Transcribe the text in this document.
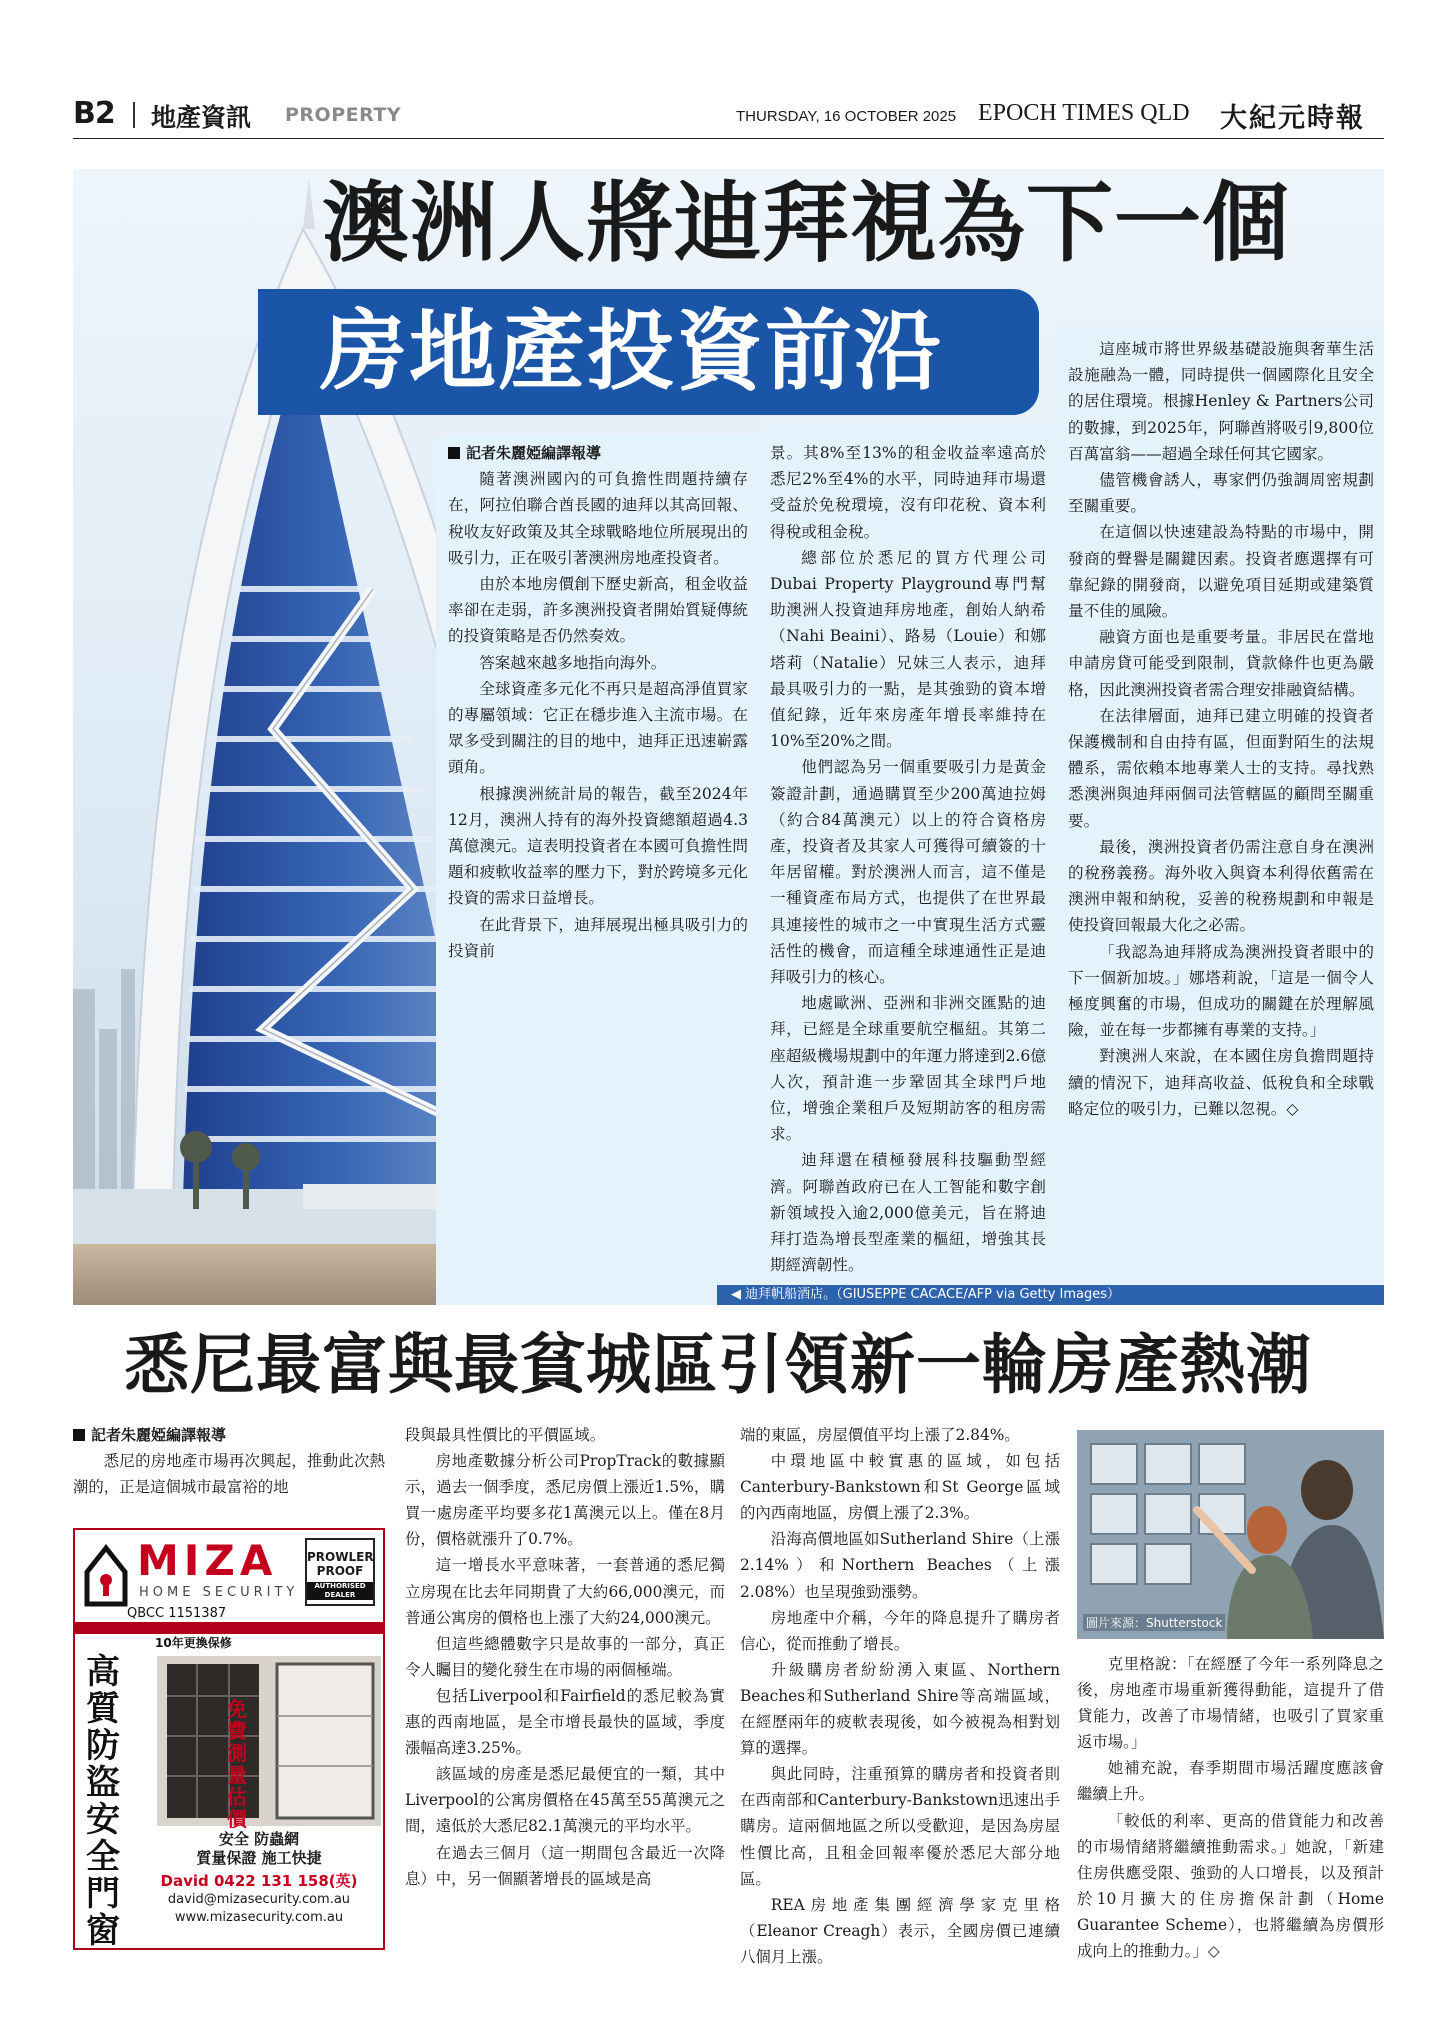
B2 地產資訊 PROPERTY	THURSDAY, 16 OCTOBER 2025 EPOCH TIMES QLD 大紀元時報
澳洲人將迪拜視為下一個
房地產投資前沿

記者朱麗婭編譯報導

隨著澳洲國內的可負擔性問題持續存在，阿拉伯聯合酋長國的迪拜以其高回報、稅收友好政策及其全球戰略地位所展現出的吸引力，正在吸引著澳洲房地產投資者。

由於本地房價創下歷史新高，租金收益率卻在走弱，許多澳洲投資者開始質疑傳統的投資策略是否仍然奏效。

答案越來越多地指向海外。

全球資產多元化不再只是超高淨值買家的專屬領域：它正在穩步進入主流市場。在眾多受到關注的目的地中，迪拜正迅速嶄露頭角。

根據澳洲統計局的報告，截至2024年12月，澳洲人持有的海外投資總額超過4.3萬億澳元。這表明投資者在本國可負擔性問題和疲軟收益率的壓力下，對於跨境多元化投資的需求日益增長。

在此背景下，迪拜展現出極具吸引力的投資前

景。其8%至13%的租金收益率遠高於悉尼2%至4%的水平，同時迪拜市場還受益於免稅環境，沒有印花稅、資本利得稅或租金稅。

總部位於悉尼的買方代理公司Dubai Property Playground專門幫助澳洲人投資迪拜房地產，創始人納希（Nahi Beaini）、路易（Louie）和娜塔莉（Natalie）兄妹三人表示，迪拜最具吸引力的一點，是其強勁的資本增值紀錄，近年來房產年增長率維持在10%至20%之間。

他們認為另一個重要吸引力是黃金簽證計劃，通過購買至少200萬迪拉姆（約合84萬澳元）以上的符合資格房產，投資者及其家人可獲得可續簽的十年居留權。對於澳洲人而言，這不僅是一種資產布局方式，也提供了在世界最具連接性的城市之一中實現生活方式靈活性的機會，而這種全球連通性正是迪拜吸引力的核心。

地處歐洲、亞洲和非洲交匯點的迪拜，已經是全球重要航空樞紐。其第二座超級機場規劃中的年運力將達到2.6億人次，預計進一步鞏固其全球門戶地位，增強企業租戶及短期訪客的租房需求。

迪拜還在積極發展科技驅動型經濟。阿聯酋政府已在人工智能和數字創新領域投入逾2,000億美元，旨在將迪拜打造為增長型產業的樞紐，增強其長期經濟韌性。

這座城市將世界級基礎設施與奢華生活設施融為一體，同時提供一個國際化且安全的居住環境。根據Henley & Partners公司的數據，到2025年，阿聯酋將吸引9,800位百萬富翁——超過全球任何其它國家。

儘管機會誘人，專家們仍強調周密規劃至關重要。

在這個以快速建設為特點的市場中，開發商的聲譽是關鍵因素。投資者應選擇有可靠紀錄的開發商，以避免項目延期或建築質量不佳的風險。

融資方面也是重要考量。非居民在當地申請房貸可能受到限制，貸款條件也更為嚴格，因此澳洲投資者需合理安排融資結構。

在法律層面，迪拜已建立明確的投資者保護機制和自由持有區，但面對陌生的法規體系，需依賴本地專業人士的支持。尋找熟悉澳洲與迪拜兩個司法管轄區的顧問至關重要。

最後，澳洲投資者仍需注意自身在澳洲的稅務義務。海外收入與資本利得依舊需在澳洲申報和納稅，妥善的稅務規劃和申報是使投資回報最大化之必需。

「我認為迪拜將成為澳洲投資者眼中的下一個新加坡。」娜塔莉說，「這是一個令人極度興奮的市場，但成功的關鍵在於理解風險，並在每一步都擁有專業的支持。」

對澳洲人來說，在本國住房負擔問題持續的情況下，迪拜高收益、低稅負和全球戰略定位的吸引力，已難以忽視。◇

◀ 迪拜帆船酒店。（GIUSEPPE CACACE/AFP via Getty Images）
悉尼最富與最貧城區引領新一輪房產熱潮

記者朱麗婭編譯報導

悉尼的房地產市場再次興起，推動此次熱潮的，正是這個城市最富裕的地

MIZA
HOME SECURITY
QBCC 1151387
PROWLER
PROOF
AUTHORISED DEALER
10年更換保修
高質防盜安全門窗
免費測量估價
安全 防蟲網
質量保證 施工快捷
David 0422 131 158(英)
david@mizasecurity.com.au
www.mizasecurity.com.au

段與最具性價比的平價區域。

房地產數據分析公司PropTrack的數據顯示，過去一個季度，悉尼房價上漲近1.5%，購買一處房產平均要多花1萬澳元以上。僅在8月份，價格就漲升了0.7%。

這一增長水平意味著，一套普通的悉尼獨立房現在比去年同期貴了大約66,000澳元，而普通公寓房的價格也上漲了大約24,000澳元。

但這些總體數字只是故事的一部分，真正令人矚目的變化發生在市場的兩個極端。

包括Liverpool和Fairfield的悉尼較為實惠的西南地區，是全市增長最快的區域，季度漲幅高達3.25%。

該區域的房產是悉尼最便宜的一類，其中Liverpool的公寓房價格在45萬至55萬澳元之間，遠低於大悉尼82.1萬澳元的平均水平。

在過去三個月（這一期間包含最近一次降息）中，另一個顯著增長的區域是高

端的東區，房屋價值平均上漲了2.84%。

中環地區中較實惠的區域，如包括Canterbury-Bankstown和St George區域的內西南地區，房價上漲了2.3%。

沿海高價地區如Sutherland Shire（上漲2.14%）和Northern Beaches（上漲2.08%）也呈現強勁漲勢。

房地產中介稱，今年的降息提升了購房者信心，從而推動了增長。

升級購房者紛紛湧入東區、Northern Beaches和Sutherland Shire等高端區域，在經歷兩年的疲軟表現後，如今被視為相對划算的選擇。

與此同時，注重預算的購房者和投資者則在西南部和Canterbury-Bankstown迅速出手購房。這兩個地區之所以受歡迎，是因為房屋性價比高，且租金回報率優於悉尼大部分地區。

REA房地產集團經濟學家克里格（Eleanor Creagh）表示，全國房價已連續八個月上漲。

圖片來源：Shutterstock

克里格說：「在經歷了今年一系列降息之後，房地產市場重新獲得動能，這提升了借貸能力，改善了市場情緒，也吸引了買家重返市場。」

她補充說，春季期間市場活躍度應該會繼續上升。

「較低的利率、更高的借貸能力和改善的市場情緒將繼續推動需求。」她說，「新建住房供應受限、強勁的人口增長，以及預計於10月擴大的住房擔保計劃（Home Guarantee Scheme），也將繼續為房價形成向上的推動力。」◇
